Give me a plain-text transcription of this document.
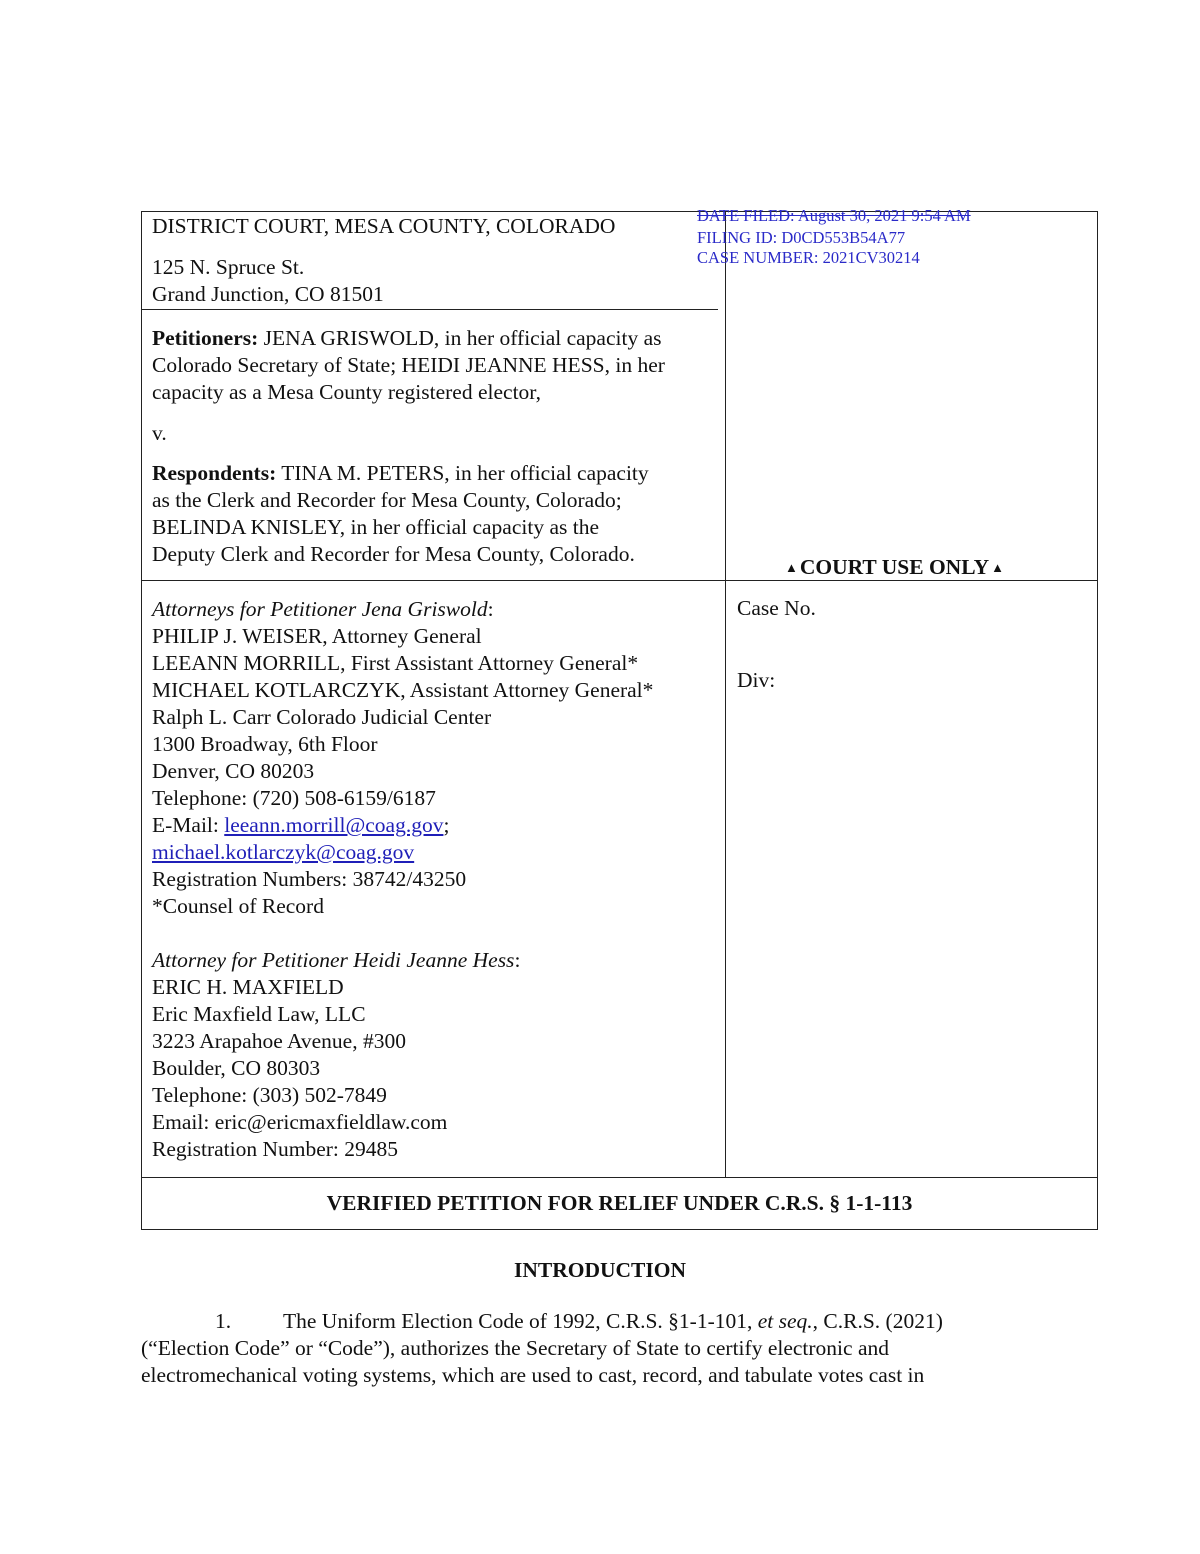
DATE FILED: August 30, 2021 9:54 AM
FILING ID: D0CD553B54A77
CASE NUMBER: 2021CV30214
DISTRICT COURT, MESA COUNTY, COLORADO
125 N. Spruce St.
Grand Junction, CO 81501
Petitioners: JENA GRISWOLD, in her official capacity as
Colorado Secretary of State; HEIDI JEANNE HESS, in her
capacity as a Mesa County registered elector,
v.
Respondents: TINA M. PETERS, in her official capacity
as the Clerk and Recorder for Mesa County, Colorado;
BELINDA KNISLEY, in her official capacity as the
Deputy Clerk and Recorder for Mesa County, Colorado.
▲COURT USE ONLY ▲
Case No.
Div:
Attorneys for Petitioner Jena Griswold:
PHILIP J. WEISER, Attorney General
LEEANN MORRILL, First Assistant Attorney General*
MICHAEL KOTLARCZYK, Assistant Attorney General*
Ralph L. Carr Colorado Judicial Center
1300 Broadway, 6th Floor
Denver, CO 80203
Telephone: (720) 508-6159/6187
E-Mail: leeann.morrill@coag.gov;
michael.kotlarczyk@coag.gov
Registration Numbers: 38742/43250
*Counsel of Record
Attorney for Petitioner Heidi Jeanne Hess:
ERIC H. MAXFIELD
Eric Maxfield Law, LLC
3223 Arapahoe Avenue, #300
Boulder, CO 80303
Telephone: (303) 502-7849
Email: eric@ericmaxfieldlaw.com
Registration Number: 29485
VERIFIED PETITION FOR RELIEF UNDER C.R.S. § 1-1-113
INTRODUCTION
1. The Uniform Election Code of 1992, C.R.S. §1-1-101, et seq., C.R.S. (2021)
(“Election Code” or “Code”), authorizes the Secretary of State to certify electronic and
electromechanical voting systems, which are used to cast, record, and tabulate votes cast in
